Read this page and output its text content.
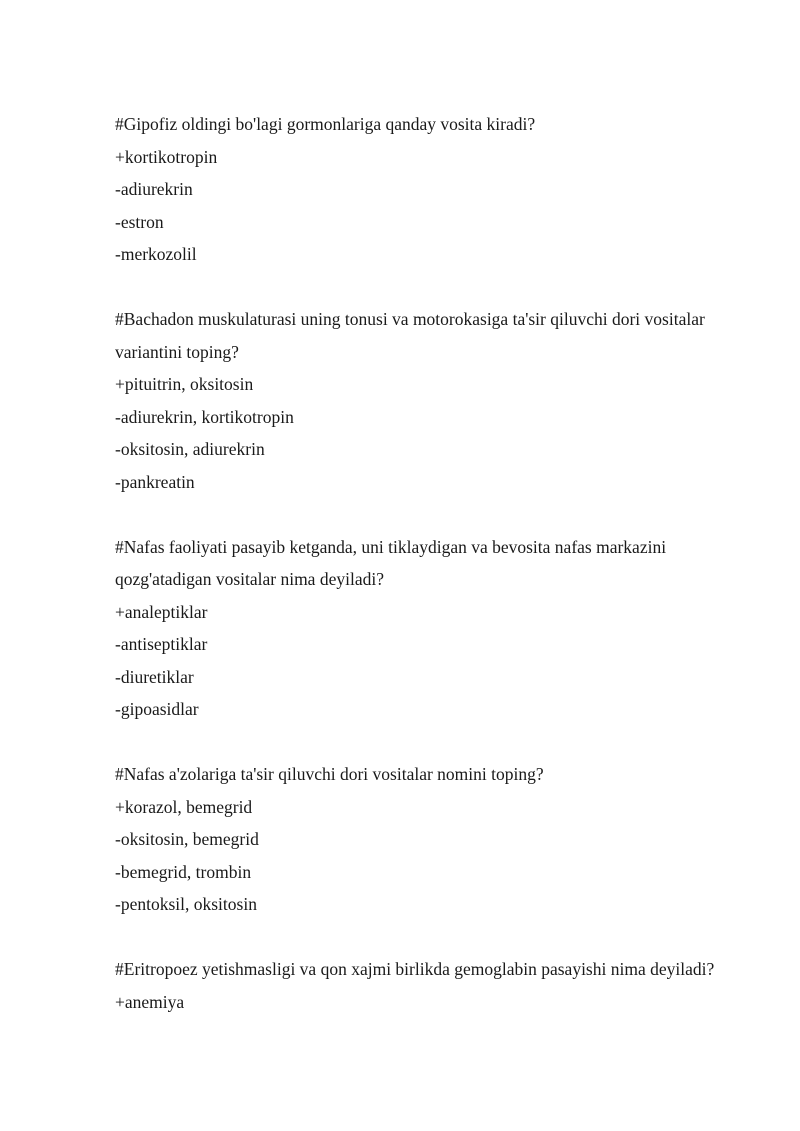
#Gipofiz oldingi bo'lagi gormonlariga qanday vosita kiradi?

+kortikotropin

-adiurekrin

-estron

-merkozolil

#Bachadon muskulaturasi uning tonusi va motorokasiga ta'sir qiluvchi dori vositalar variantini toping?

+pituitrin, oksitosin

-adiurekrin, kortikotropin

-oksitosin, adiurekrin

-pankreatin

#Nafas faoliyati pasayib ketganda, uni tiklaydigan va bevosita nafas markazini qozg'atadigan vositalar nima deyiladi?

+analeptiklar

-antiseptiklar

-diuretiklar

-gipoasidlar

#Nafas a'zolariga ta'sir qiluvchi dori vositalar nomini toping?

+korazol, bemegrid

-oksitosin, bemegrid

-bemegrid, trombin

-pentoksil, oksitosin

#Eritropoez yetishmasligi va qon xajmi birlikda gemoglabin pasayishi nima deyiladi?

+anemiya
